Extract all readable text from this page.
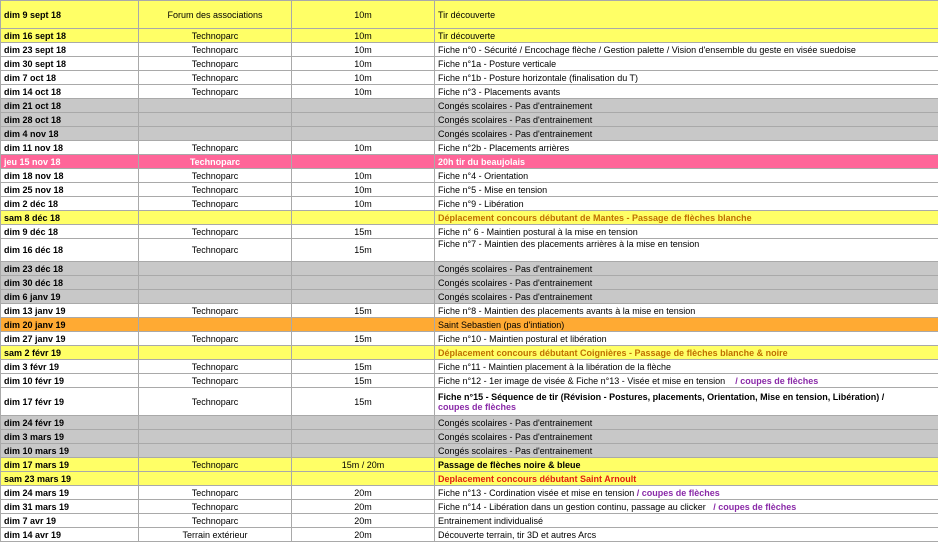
dim 9 sept 18	Forum des associations	10m	Tir découverte
dim 16 sept 18	Technoparc	10m	Tir découverte
dim 23 sept 18	Technoparc	10m	Fiche n°0 - Sécurité / Encochage flèche / Gestion palette / Vision d'ensemble du geste en visée suedoise
dim 30 sept 18	Technoparc	10m	Fiche n°1a - Posture verticale
dim 7 oct 18	Technoparc	10m	Fiche n°1b - Posture horizontale (finalisation du T)
dim 14 oct 18	Technoparc	10m	Fiche n°3 - Placements avants
dim 21 oct 18			Congés scolaires - Pas d'entrainement
dim 28 oct 18			Congés scolaires - Pas d'entrainement
dim 4 nov 18			Congés scolaires - Pas d'entrainement
dim 11 nov 18	Technoparc	10m	Fiche n°2b - Placements arrières
jeu 15 nov 18	Technoparc		20h tir du beaujolais
dim 18 nov 18	Technoparc	10m	Fiche n°4 - Orientation
dim 25 nov 18	Technoparc	10m	Fiche n°5 - Mise en tension
dim 2 déc 18	Technoparc	10m	Fiche n°9 - Libération
sam 8 déc 18			Déplacement concours débutant de Mantes - Passage de flèches blanche
dim 9 déc 18	Technoparc	15m	Fiche n° 6 - Maintien postural à la mise en tension
dim 16 déc 18	Technoparc	15m	Fiche n°7 - Maintien des placements arrières à la mise en tension
dim 23 déc 18			Congés scolaires - Pas d'entrainement
dim 30 déc 18			Congés scolaires - Pas d'entrainement
dim 6 janv 19			Congés scolaires - Pas d'entrainement
dim 13 janv 19	Technoparc	15m	Fiche n°8 - Maintien des placements avants à la mise en tension
dim 20 janv 19			Saint Sebastien (pas d'intiation)
dim 27 janv 19	Technoparc	15m	Fiche n°10 - Maintien postural et libération
sam 2 févr 19			Déplacement concours débutant Coignières - Passage de flèches blanche & noire
dim 3 févr 19	Technoparc	15m	Fiche n°11 - Maintien placement à la libération de la flèche
dim 10 févr 19	Technoparc	15m	Fiche n°12 - 1er image de visée & Fiche n°13 - Visée et mise en tension / coupes de flèches
dim 17 févr 19	Technoparc	15m	Fiche n°15 - Séquence de tir (Révision - Postures, placements, Orientation, Mise en tension, Libération) /
coupes de flèches
dim 24 févr 19			Congés scolaires - Pas d'entrainement
dim 3 mars 19			Congés scolaires - Pas d'entrainement
dim 10 mars 19			Congés scolaires - Pas d'entrainement
dim 17 mars 19	Technoparc	15m / 20m	Passage de flèches noire & bleue
sam 23 mars 19			Deplacement concours débutant Saint Arnoult
dim 24 mars 19	Technoparc	20m	Fiche n°13 - Cordination visée et mise en tension / coupes de flèches
dim 31 mars 19	Technoparc	20m	Fiche n°14 - Libération dans un gestion continu, passage au clicker / coupes de flèches
dim 7 avr 19	Technoparc	20m	Entrainement individualisé
dim 14 avr 19	Terrain extérieur	20m	Découverte terrain, tir 3D et autres Arcs
